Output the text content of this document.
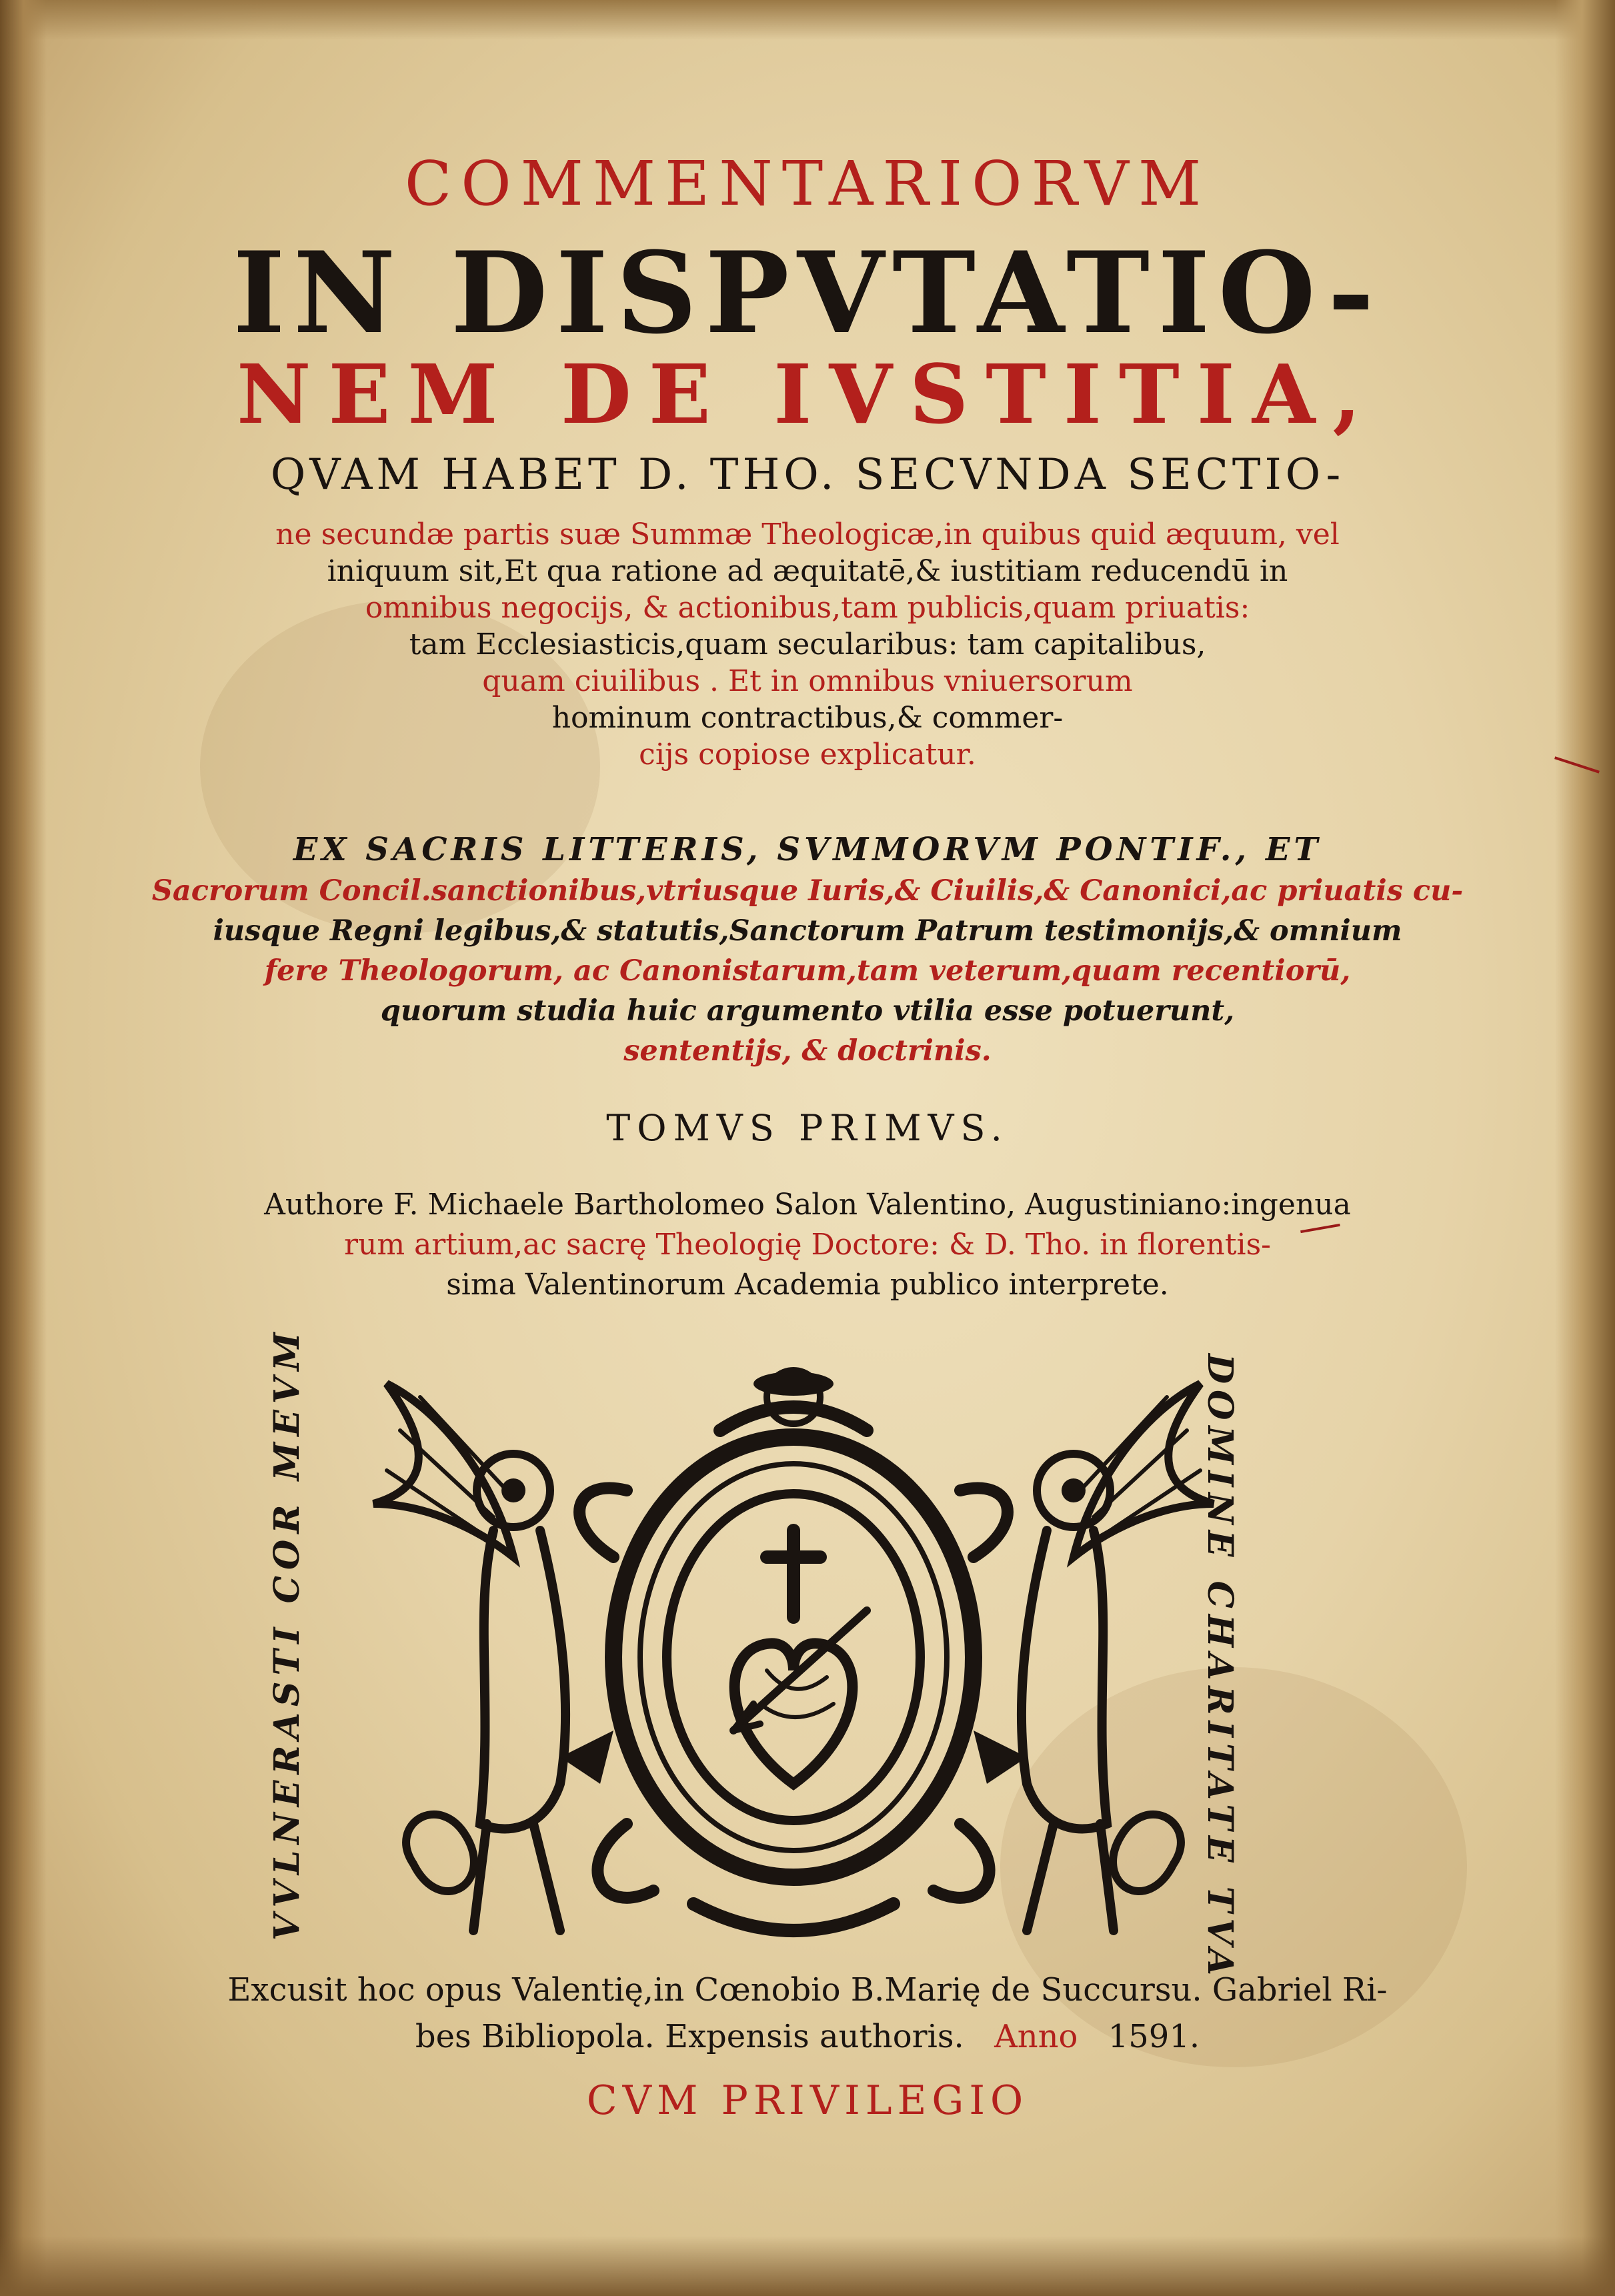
COMMENTARIORVM
IN DISPVTATIO-
NEM DE IVSTITIA,
QVAM HABET D. THO. SECVNDA SECTIO-
ne secundæ partis suæ Summæ Theologicæ,in quibus quid æquum, vel
iniquum sit,Et qua ratione ad æquitatē,& iustitiam reducendū in
omnibus negocijs, & actionibus,tam publicis,quam priuatis:
tam Ecclesiasticis,quam secularibus: tam capitalibus,
quam ciuilibus . Et in omnibus vniuersorum
hominum contractibus,& commer-
cijs copiose explicatur.
EX SACRIS LITTERIS, SVMMORVM PONTIF., ET
Sacrorum Concil.sanctionibus,vtriusque Iuris,& Ciuilis,& Canonici,ac priuatis cu-
iusque Regni legibus,& statutis,Sanctorum Patrum testimonijs,& omnium
fere Theologorum, ac Canonistarum,tam veterum,quam recentiorū,
quorum studia huic argumento vtilia esse potuerunt,
sententijs, & doctrinis.
TOMVS PRIMVS.
Authore F. Michaele Bartholomeo Salon Valentino, Augustiniano:ingenua
rum artium,ac sacrę Theologię Doctore: & D. Tho. in florentis-
sima Valentinorum Academia publico interprete.
VVLNERASTI COR MEVM	DOMINE CHARITATE TVA
Excusit hoc opus Valentię,in Cœnobio B.Marię de Succursu. Gabriel Ri-
bes Bibliopola. Expensis authoris. Anno 1591.
CVM PRIVILEGIO
